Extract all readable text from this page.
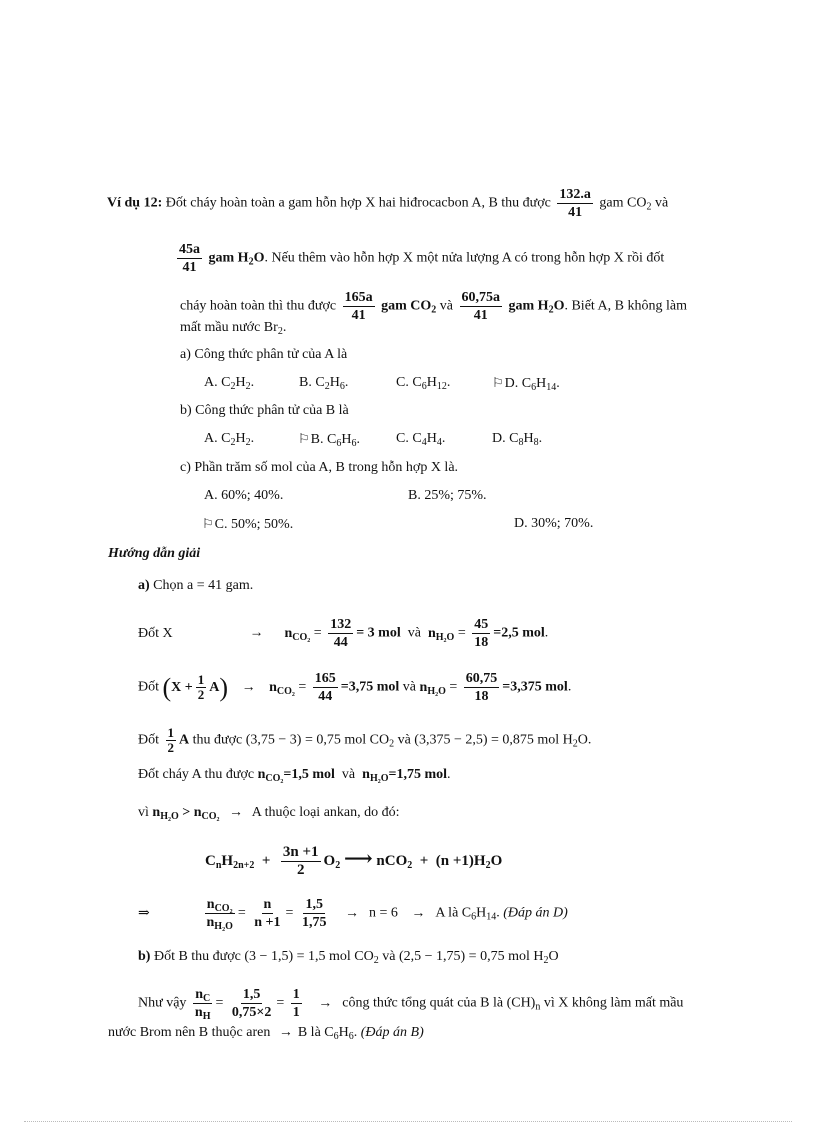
Ví dụ 12: Đốt cháy hoàn toàn a gam hỗn hợp X hai hiđrocacbon A, B thu được $\frac{132.a}{41}$ gam $CO_2$ và
$\frac{45a}{41}$ gam $H_2O$. Nếu thêm vào hỗn hợp X một nửa lượng A có trong hỗn hợp X rồi đốt
cháy hoàn toàn thì thu được $\frac{165a}{41}$ gam $CO_2$ và $\frac{60,75a}{41}$ gam $H_2O$. Biết A, B không làm
mất mầu nước $Br_2$.
a) Công thức phân tử của A là
A. $C_2H_2$.	B. $C_2H_6$.	C. $C_6H_{12}$.	⚐D. $C_6H_{14}$.
b) Công thức phân tử của B là
A. $C_2H_2$.	⚐B. $C_6H_6$.	C. $C_4H_4$.	D. $C_8H_8$.
c) Phần trăm số mol của A, B trong hỗn hợp X là.
A. 60%; 40%.	B. 25%; 75%.
⚐C. 50%; 50%.	D. 30%; 70%.
Hướng dẫn giải
a) Chọn a = 41 gam.
Đốt X	→ $n_{CO_2} = \frac{132}{44} = 3$ mol và $n_{H_2O} = \frac{45}{18} =2,5$ mol.
Đốt $(X + \frac{1}{2} A) \to n_{CO_2} = \frac{165}{44} =3,75$ mol và $n_{H_2O} = \frac{60,75}{18} =3,375$ mol.
Đốt $\frac{1}{2}$ A thu được (3,75 − 3) = 0,75 mol $CO_2$ và (3,375 − 2,5) = 0,875 mol $H_2O$.
Đốt cháy A thu được $n_{CO_2}=1,5$ mol và $n_{H_2O}=1,75$ mol.
vì $n_{H_2O} > n_{CO_2} \to A$ thuộc loại ankan, do đó:
$C_nH_{2n+2} + \frac{3n +1}{2} O_2$ ⟶ $nCO_2 + (n +1)H_2O$
⇒
$n_{CO_2}$
$n_{H_2O}$
= $\frac{n}{n +1} = \frac{1,5}{1,75} \to n = 6 \to A$ là $C_6H_{14}$. (Đáp án D)
b) Đốt B thu được (3 − 1,5) = 1,5 mol $CO_2$ và (2,5 − 1,75) = 0,75 mol $H_2O$
Như vậy $\frac{n_C}{n_H} = \frac{1,5}{0,75\times 2} = \frac{1}{1}$ → công thức tổng quát của B là $(CH)_n$ vì X không làm mất mầu
nước Brom nên B thuộc aren → B là $C_6H_6$. (Đáp án B)
